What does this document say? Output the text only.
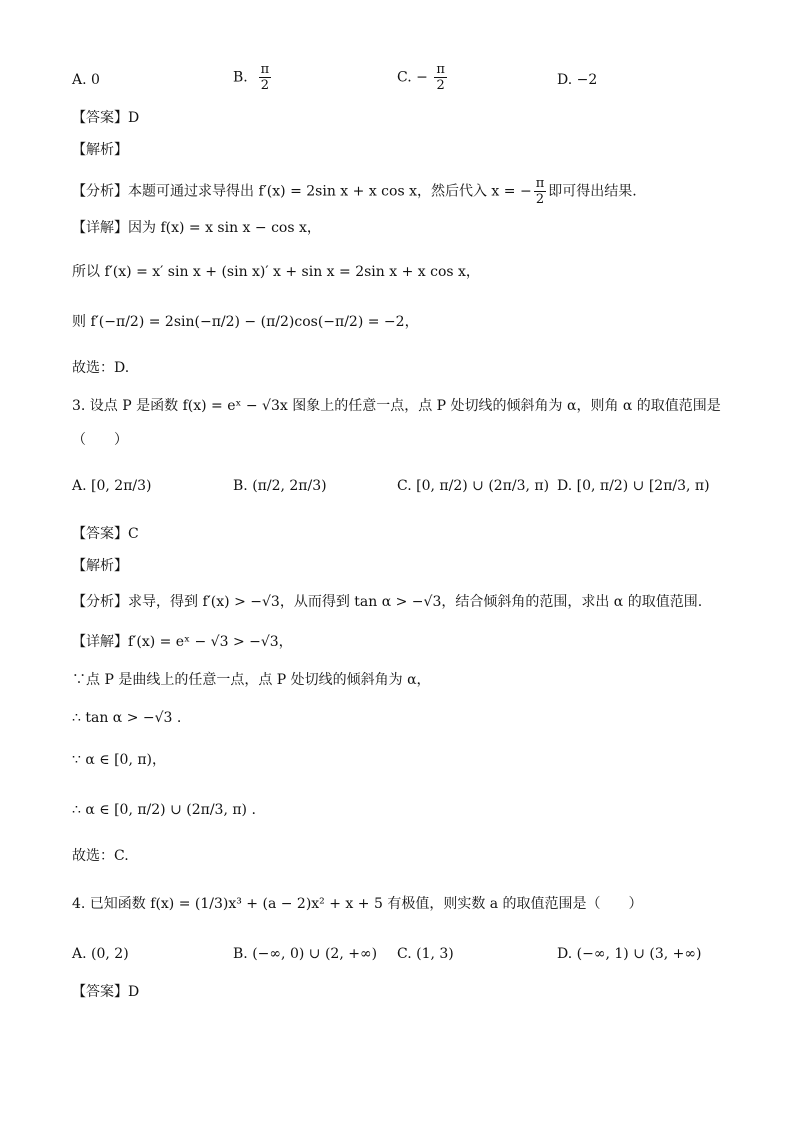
A. 0	B. $\frac{\pi}{2}$	C. − $\frac{\pi}{2}$	D. −2
【答案】D
【解析】
【分析】本题可通过求导得出 f′(x) = 2sin x + x cos x，然后代入 x = − $\frac{\pi}{2}$ 即可得出结果.
【详解】因为 f(x) = x sin x − cos x，
所以 f′(x) = x′ sin x + (sin x)′ x + sin x = 2sin x + x cos x，
则 f′(−π/2) = 2sin(−π/2) − (π/2)cos(−π/2) = −2，
故选：D.
3. 设点 P 是函数 f(x) = eˣ − √3x 图象上的任意一点，点 P 处切线的倾斜角为 α，则角 α 的取值范围是
（　　）
A. [0, 2π/3)	B. (π/2, 2π/3)	C. [0, π/2) ∪ (2π/3, π) D. [0, π/2) ∪ [2π/3, π)
【答案】C
【解析】
【分析】求导，得到 f′(x) > −√3，从而得到 tan α > −√3，结合倾斜角的范围，求出 α 的取值范围.
【详解】f′(x) = eˣ − √3 > −√3，
∵点 P 是曲线上的任意一点，点 P 处切线的倾斜角为 α，
∴ tan α > −√3 .
∵ α ∈ [0, π)，
∴ α ∈ [0, π/2) ∪ (2π/3, π) .
故选：C.
4. 已知函数 f(x) = (1/3)x³ + (a − 2)x² + x + 5 有极值，则实数 a 的取值范围是（　　）
A. (0, 2)	B. (−∞, 0) ∪ (2, +∞) C. (1, 3)	D. (−∞, 1) ∪ (3, +∞)
【答案】D
